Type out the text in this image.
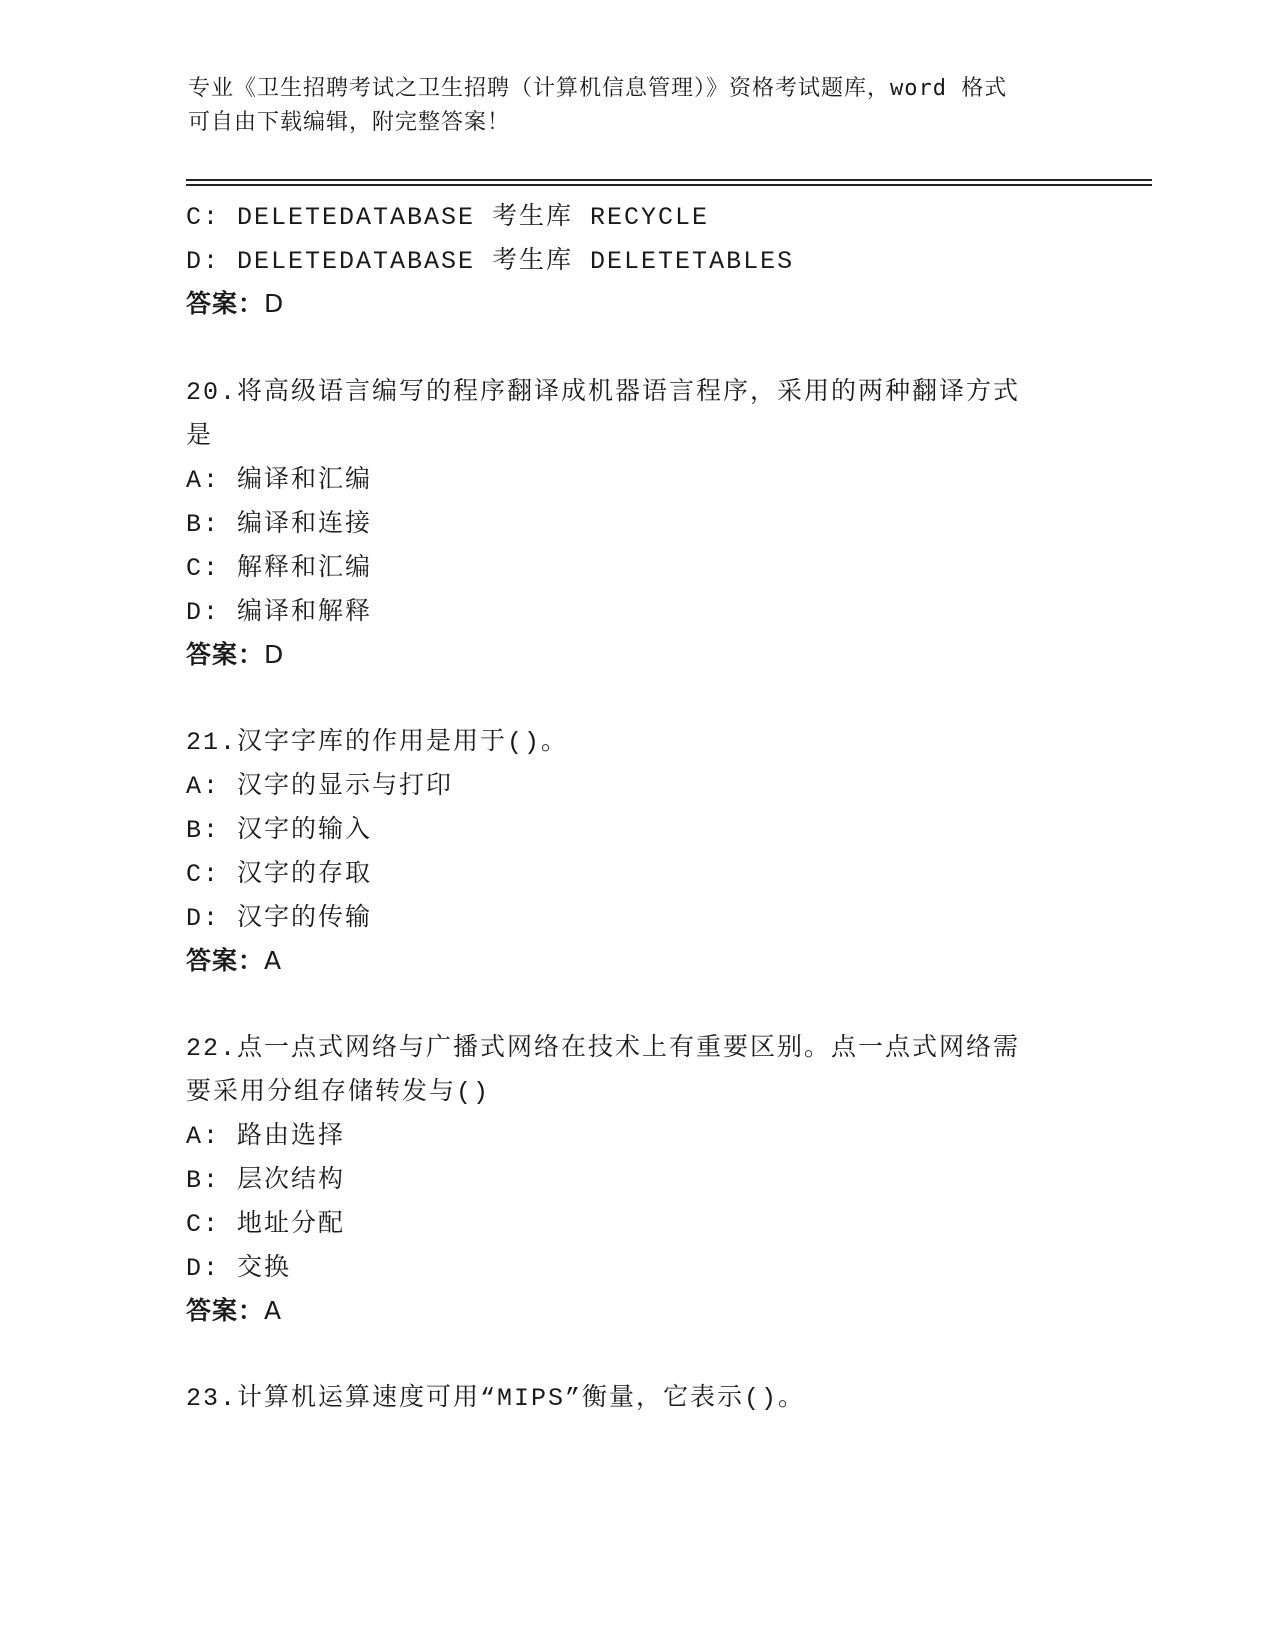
专业《卫生招聘考试之卫生招聘（计算机信息管理）》资格考试题库，word 格式
可自由下载编辑，附完整答案！
C: DELETEDATABASE 考生库 RECYCLE
D: DELETEDATABASE 考生库 DELETETABLES
答案：D
20.将高级语言编写的程序翻译成机器语言程序，采用的两种翻译方式
是
A: 编译和汇编
B: 编译和连接
C: 解释和汇编
D: 编译和解释
答案：D
21.汉字字库的作用是用于()。
A: 汉字的显示与打印
B: 汉字的输入
C: 汉字的存取
D: 汉字的传输
答案：A
22.点一点式网络与广播式网络在技术上有重要区别。点一点式网络需
要采用分组存储转发与()
A: 路由选择
B: 层次结构
C: 地址分配
D: 交换
答案：A
23.计算机运算速度可用“MIPS”衡量，它表示()。
